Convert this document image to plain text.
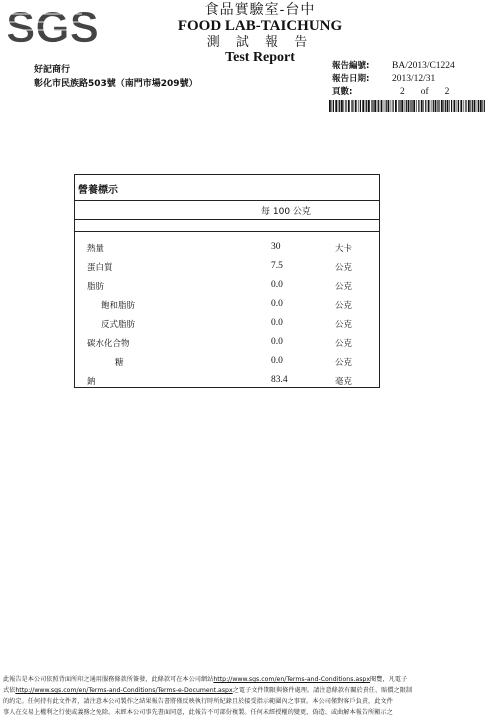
SGS	食品實驗室-台中
FOOD LAB-TAICHUNG
測 試 報 告
Test Report
好記商行
彰化市民族路503號（南門市場209號）
報告編號:	BA/2013/C1224
報告日期:	2013/12/31
頁數:	2 of 2
營養標示
每 100 公克
熱量	30	大卡
蛋白質	7.5	公克
脂肪	0.0	公克
飽和脂肪	0.0	公克
反式脂肪	0.0	公克
碳水化合物	0.0	公克
糖	0.0	公克
鈉	83.4	毫克
此報告是本公司依照背面所印之通用服務條款所簽發，此條款可在本公司網站http://www.sgs.com/en/Terms-and-Conditions.aspx閱覽，凡電子
式依http://www.sgs.com/en/Terms-and-Conditions/Terms-e-Document.aspx之電子文件期限與條件處理。請注意條款有關於責任、賠償之限制
的約定。任何持有此文件者，請注意本公司製作之結果報告書將僅反映執行時所紀錄且於接受指示範圍內之事實。本公司僅對客戶負責，此文件
事人在交易上權利之行使或義務之免除。未經本公司事先書面同意，此報告不可部份複製。任何未經授權的變更、偽造、或曲解本報告所顯示之
